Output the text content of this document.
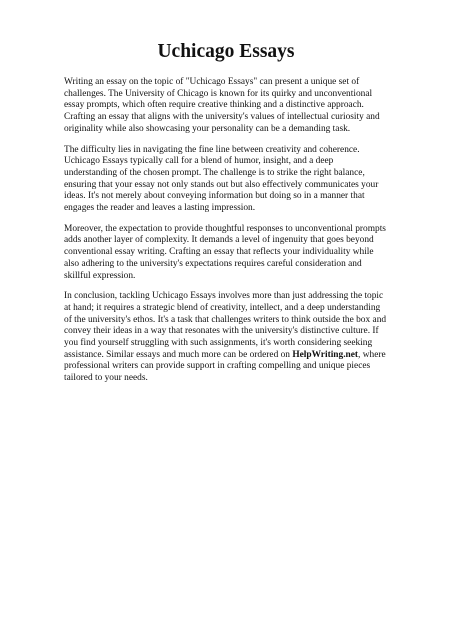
Uchicago Essays

Writing an essay on the topic of "Uchicago Essays" can present a unique set of challenges. The University of Chicago is known for its quirky and unconventional essay prompts, which often require creative thinking and a distinctive approach. Crafting an essay that aligns with the university's values of intellectual curiosity and originality while also showcasing your personality can be a demanding task.

The difficulty lies in navigating the fine line between creativity and coherence. Uchicago Essays typically call for a blend of humor, insight, and a deep understanding of the chosen prompt. The challenge is to strike the right balance, ensuring that your essay not only stands out but also effectively communicates your ideas. It's not merely about conveying information but doing so in a manner that engages the reader and leaves a lasting impression.

Moreover, the expectation to provide thoughtful responses to unconventional prompts adds another layer of complexity. It demands a level of ingenuity that goes beyond conventional essay writing. Crafting an essay that reflects your individuality while also adhering to the university's expectations requires careful consideration and skillful expression.

In conclusion, tackling Uchicago Essays involves more than just addressing the topic at hand; it requires a strategic blend of creativity, intellect, and a deep understanding of the university's ethos. It's a task that challenges writers to think outside the box and convey their ideas in a way that resonates with the university's distinctive culture. If you find yourself struggling with such assignments, it's worth considering seeking assistance. Similar essays and much more can be ordered on HelpWriting.net, where professional writers can provide support in crafting compelling and unique pieces tailored to your needs.
